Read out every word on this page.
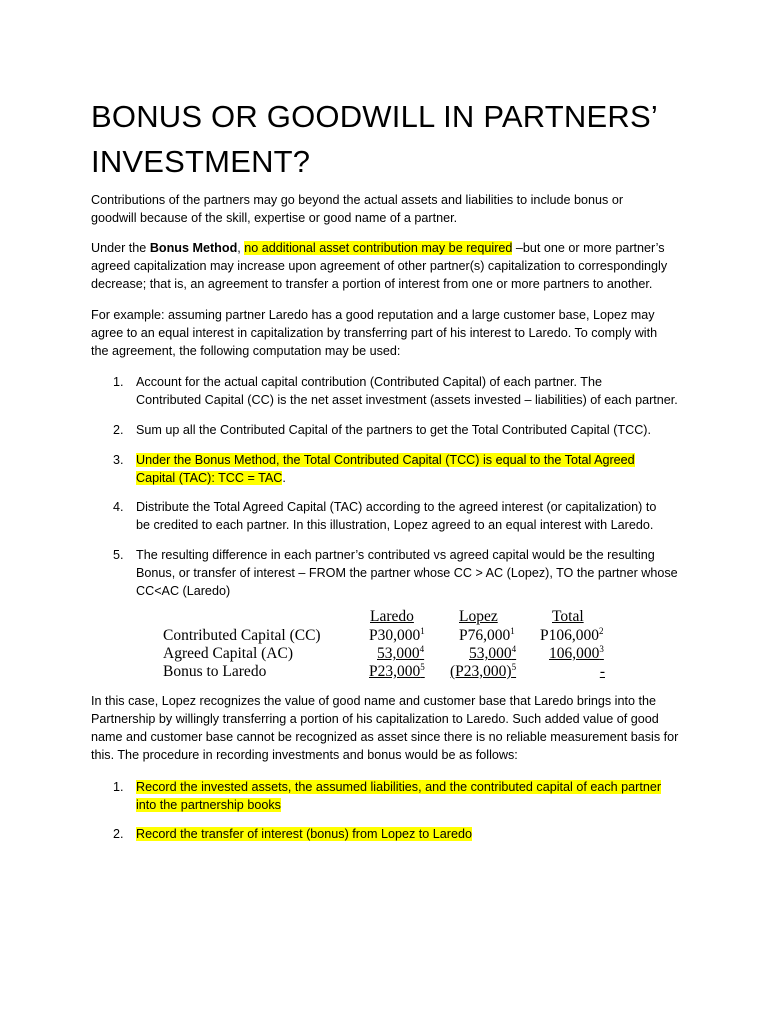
BONUS OR GOODWILL IN PARTNERS’
INVESTMENT?

Contributions of the partners may go beyond the actual assets and liabilities to include bonus or
goodwill because of the skill, expertise or good name of a partner.

Under the Bonus Method, no additional asset contribution may be required –but one or more partner’s
agreed capitalization may increase upon agreement of other partner(s) capitalization to correspondingly
decrease; that is, an agreement to transfer a portion of interest from one or more partners to another.

For example: assuming partner Laredo has a good reputation and a large customer base, Lopez may
agree to an equal interest in capitalization by transferring part of his interest to Laredo. To comply with
the agreement, the following computation may be used:

1. Account for the actual capital contribution (Contributed Capital) of each partner. The
Contributed Capital (CC) is the net asset investment (assets invested – liabilities) of each partner.
2. Sum up all the Contributed Capital of the partners to get the Total Contributed Capital (TCC).
3. Under the Bonus Method, the Total Contributed Capital (TCC) is equal to the Total Agreed
Capital (TAC): TCC = TAC.
4. Distribute the Total Agreed Capital (TAC) according to the agreed interest (or capitalization) to
be credited to each partner. In this illustration, Lopez agreed to an equal interest with Laredo.
5. The resulting difference in each partner’s contributed vs agreed capital would be the resulting
Bonus, or transfer of interest – FROM the partner whose CC > AC (Lopez), TO the partner whose
CC<AC (Laredo)
Laredo	Lopez	Total
Contributed Capital (CC)	P30,000$^1$ P76,000$^1$ P106,000$^2$
Agreed Capital (AC)	53,000$^4$	53,000$^4$ 106,000$^3$
Bonus to Laredo	P23,000$^5$ $(P23,000)^5$	-

In this case, Lopez recognizes the value of good name and customer base that Laredo brings into the
Partnership by willingly transferring a portion of his capitalization to Laredo. Such added value of good
name and customer base cannot be recognized as asset since there is no reliable measurement basis for
this. The procedure in recording investments and bonus would be as follows:

1. Record the invested assets, the assumed liabilities, and the contributed capital of each partner
into the partnership books
2. Record the transfer of interest (bonus) from Lopez to Laredo
